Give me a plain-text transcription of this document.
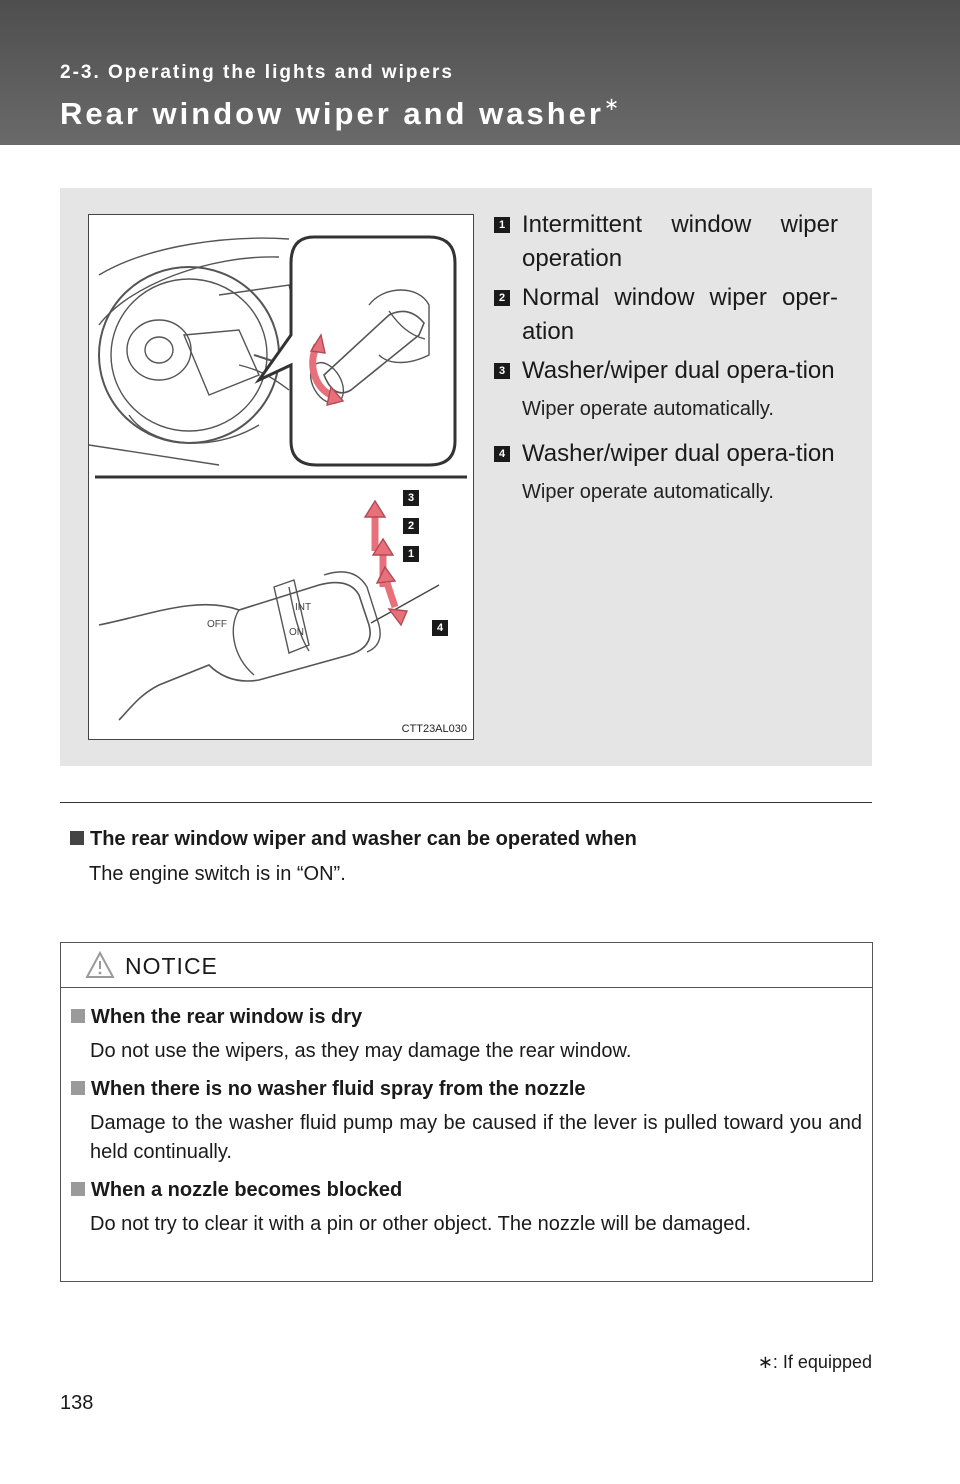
2-3. Operating the lights and wipers
Rear window wiper and washer∗
OFF
INT
ON
CTT23AL030
3
2
1
4
1 Intermittent window wiper operation
2 Normal window wiper oper-ation
3 Washer/wiper dual opera-tion
Wiper operate automatically.
4 Washer/wiper dual opera-tion
Wiper operate automatically.
The rear window wiper and washer can be operated when
The engine switch is in “ON”.
NOTICE
When the rear window is dry
Do not use the wipers, as they may damage the rear window.
When there is no washer fluid spray from the nozzle
Damage to the washer fluid pump may be caused if the lever is pulled toward you and held continually.
When a nozzle becomes blocked
Do not try to clear it with a pin or other object. The nozzle will be damaged.
∗: If equipped
138
